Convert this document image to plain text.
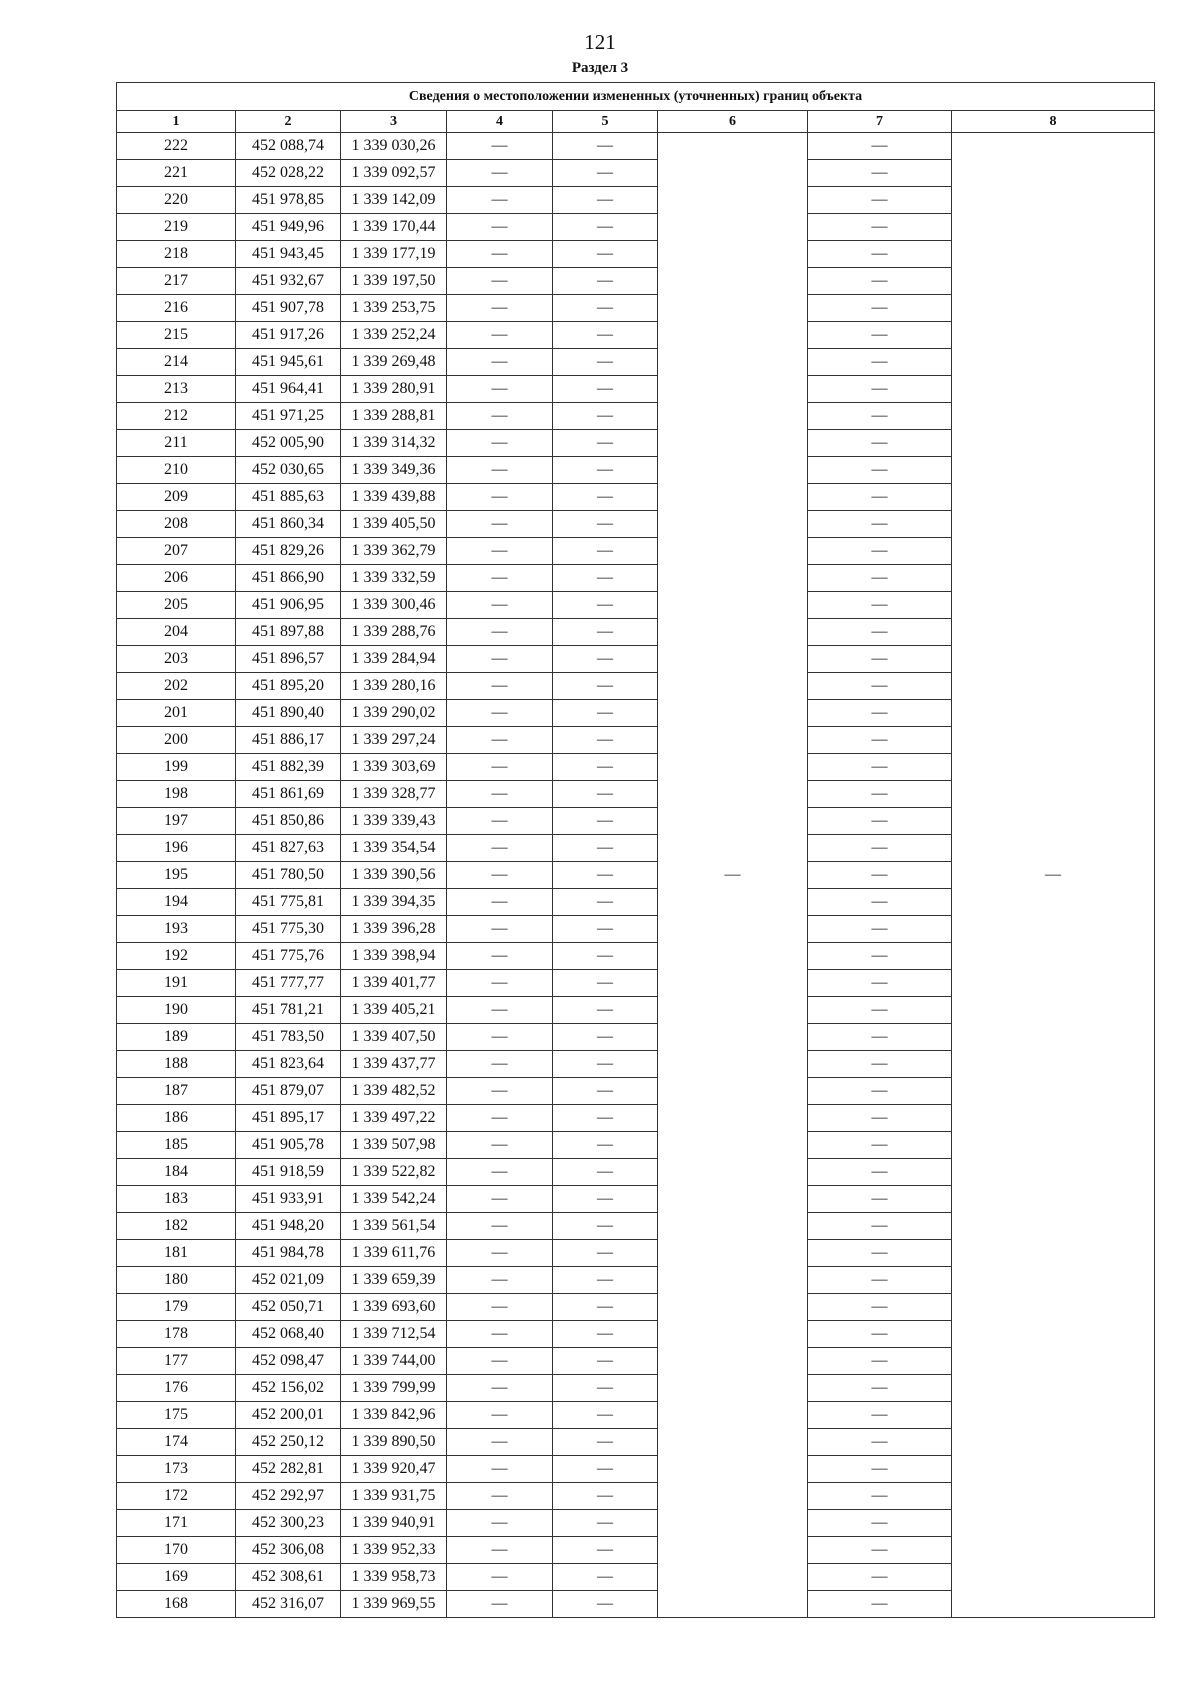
121
Раздел 3
Сведения о местоположении измененных (уточненных) границ объекта							
1	2	3	4	5	6	7	8
222	452 088,74	1 339 030,26	—	—	—	—	—
221	452 028,22	1 339 092,57	—	—		—	
220	451 978,85	1 339 142,09	—	—		—	
219	451 949,96	1 339 170,44	—	—		—	
218	451 943,45	1 339 177,19	—	—		—	
217	451 932,67	1 339 197,50	—	—		—	
216	451 907,78	1 339 253,75	—	—		—	
215	451 917,26	1 339 252,24	—	—		—	
214	451 945,61	1 339 269,48	—	—		—	
213	451 964,41	1 339 280,91	—	—		—	
212	451 971,25	1 339 288,81	—	—		—	
211	452 005,90	1 339 314,32	—	—		—	
210	452 030,65	1 339 349,36	—	—		—	
209	451 885,63	1 339 439,88	—	—		—	
208	451 860,34	1 339 405,50	—	—		—	
207	451 829,26	1 339 362,79	—	—		—	
206	451 866,90	1 339 332,59	—	—		—	
205	451 906,95	1 339 300,46	—	—		—	
204	451 897,88	1 339 288,76	—	—		—	
203	451 896,57	1 339 284,94	—	—		—	
202	451 895,20	1 339 280,16	—	—		—	
201	451 890,40	1 339 290,02	—	—		—	
200	451 886,17	1 339 297,24	—	—		—	
199	451 882,39	1 339 303,69	—	—		—	
198	451 861,69	1 339 328,77	—	—		—	
197	451 850,86	1 339 339,43	—	—		—	
196	451 827,63	1 339 354,54	—	—		—	
195	451 780,50	1 339 390,56	—	—		—	
194	451 775,81	1 339 394,35	—	—		—	
193	451 775,30	1 339 396,28	—	—		—	
192	451 775,76	1 339 398,94	—	—		—	
191	451 777,77	1 339 401,77	—	—		—	
190	451 781,21	1 339 405,21	—	—		—	
189	451 783,50	1 339 407,50	—	—		—	
188	451 823,64	1 339 437,77	—	—		—	
187	451 879,07	1 339 482,52	—	—		—	
186	451 895,17	1 339 497,22	—	—		—	
185	451 905,78	1 339 507,98	—	—		—	
184	451 918,59	1 339 522,82	—	—		—	
183	451 933,91	1 339 542,24	—	—		—	
182	451 948,20	1 339 561,54	—	—		—	
181	451 984,78	1 339 611,76	—	—		—	
180	452 021,09	1 339 659,39	—	—		—	
179	452 050,71	1 339 693,60	—	—		—	
178	452 068,40	1 339 712,54	—	—		—	
177	452 098,47	1 339 744,00	—	—		—	
176	452 156,02	1 339 799,99	—	—		—	
175	452 200,01	1 339 842,96	—	—		—	
174	452 250,12	1 339 890,50	—	—		—	
173	452 282,81	1 339 920,47	—	—		—	
172	452 292,97	1 339 931,75	—	—		—	
171	452 300,23	1 339 940,91	—	—		—	
170	452 306,08	1 339 952,33	—	—		—	
169	452 308,61	1 339 958,73	—	—		—	
168	452 316,07	1 339 969,55	—	—		—	
